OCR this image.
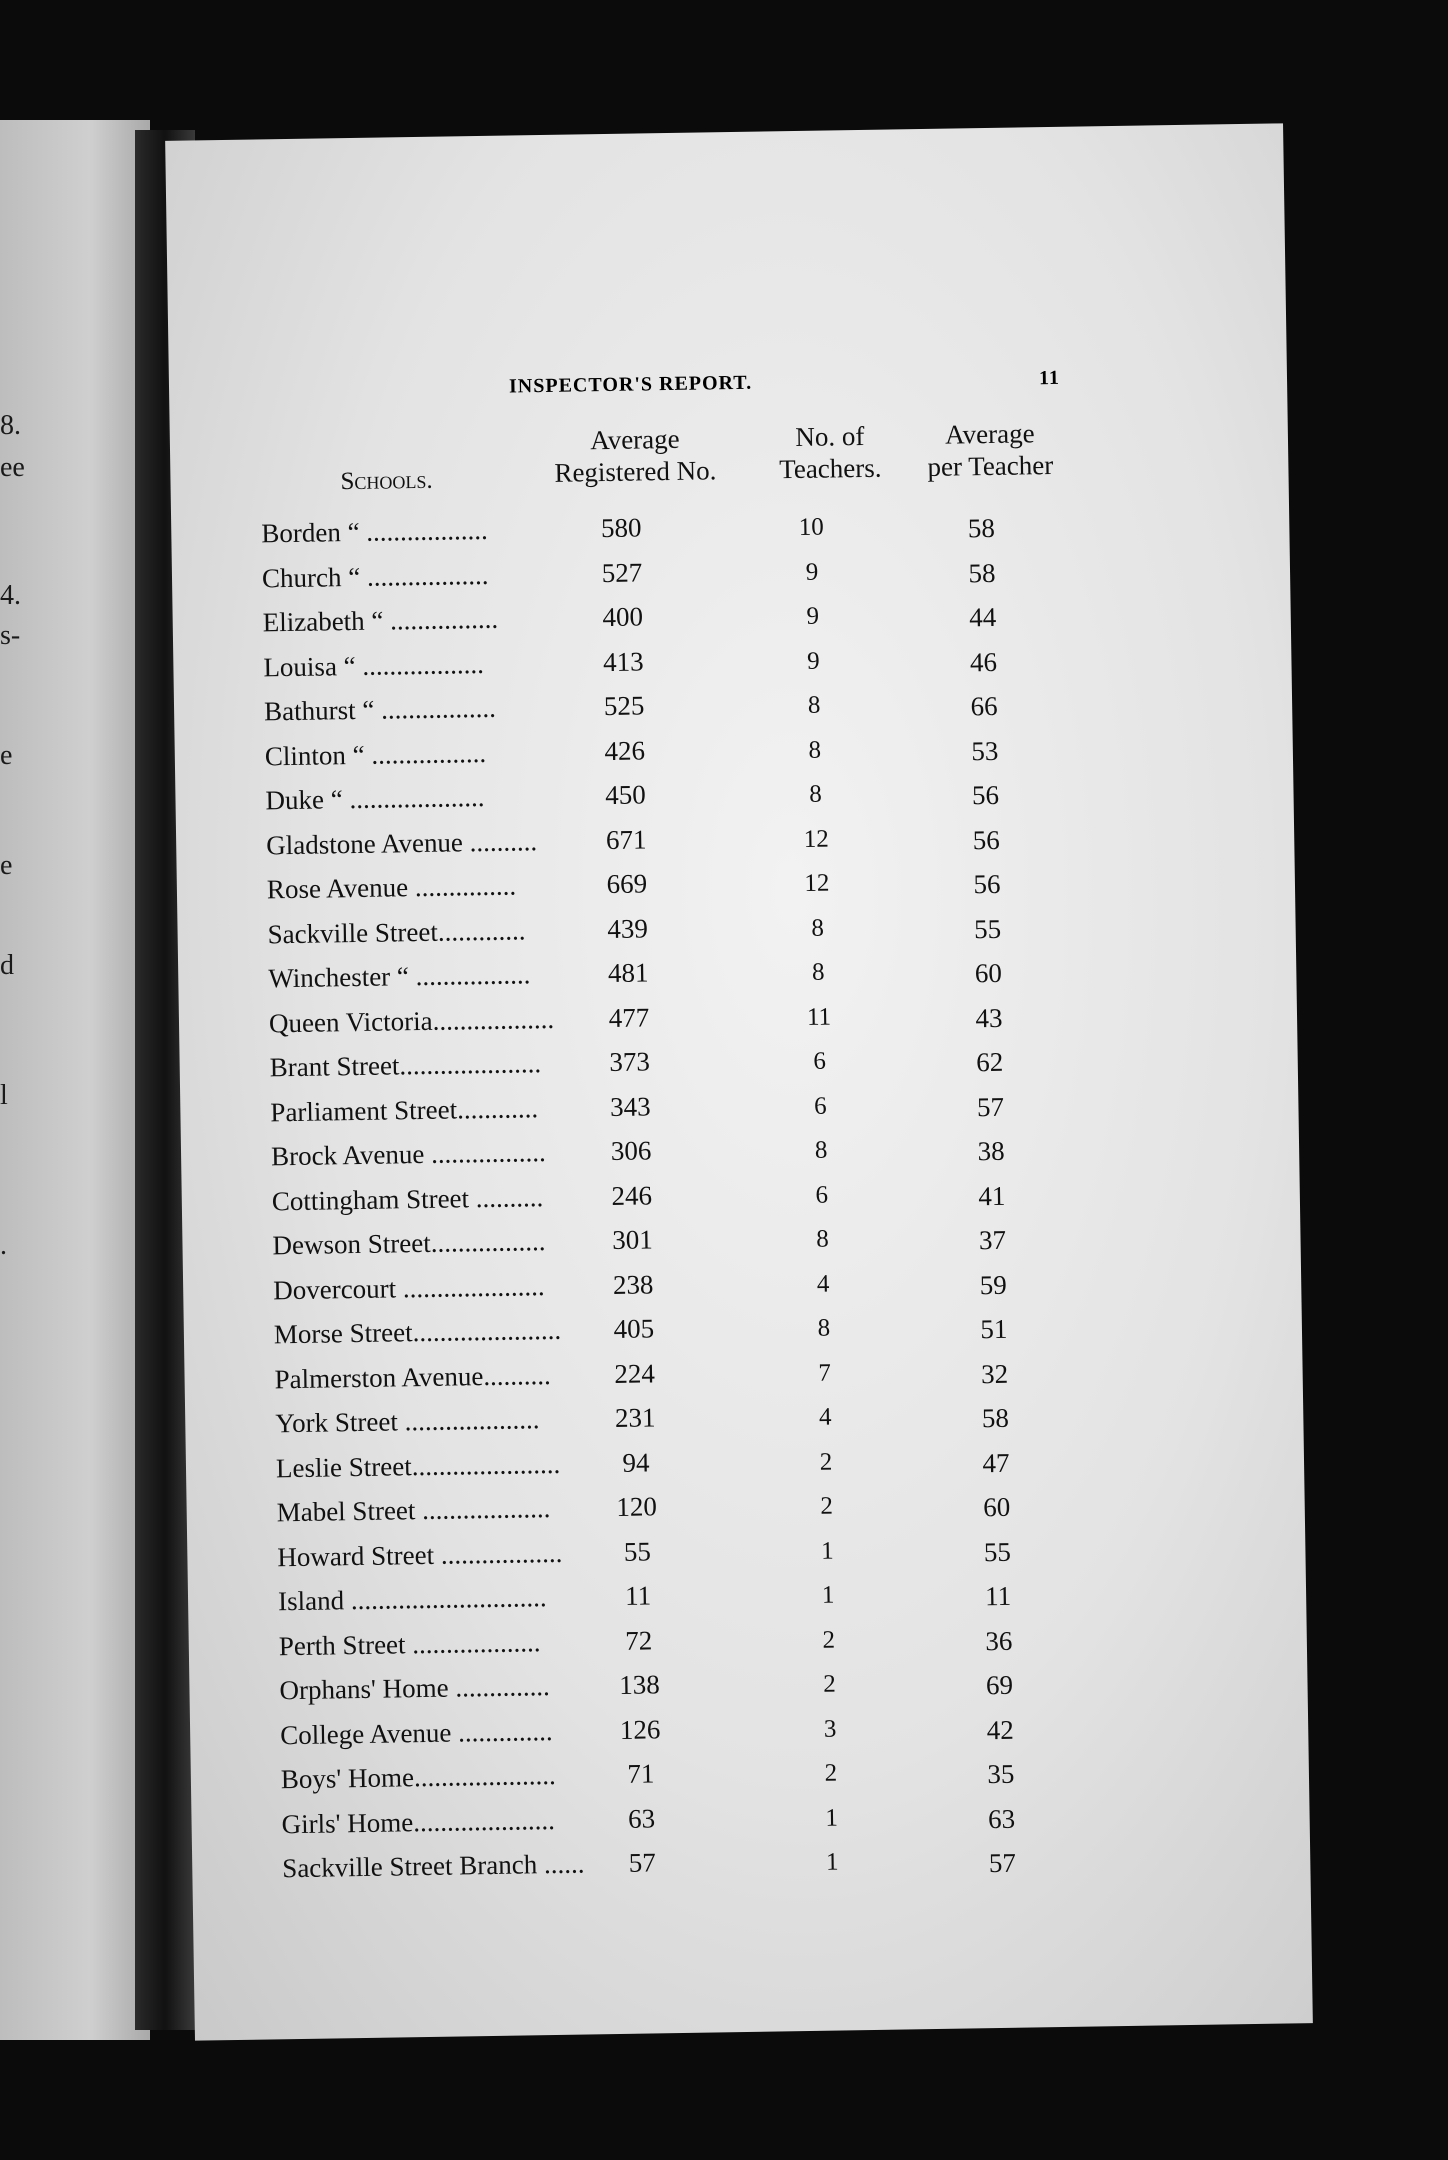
8.
ee
4.
s-
e
e
d
l
.
INSPECTOR'S REPORT.	11
Schools.
Average
Registered No.
No. of
Teachers.
Average
per Teacher
Borden “ ..................	580	10	58
Church “ ..................	527	9	58
Elizabeth “ ................	400	9	44
Louisa “ ..................	413	9	46
Bathurst “ .................	525	8	66
Clinton “ .................	426	8	53
Duke “ ....................	450	8	56
Gladstone Avenue ..........	671	12	56
Rose Avenue ...............	669	12	56
Sackville Street.............	439	8	55
Winchester “ .................	481	8	60
Queen Victoria..................	477	11	43
Brant Street.....................	373	6	62
Parliament Street............	343	6	57
Brock Avenue .................	306	8	38
Cottingham Street ..........	246	6	41
Dewson Street.................	301	8	37
Dovercourt .....................	238	4	59
Morse Street......................	405	8	51
Palmerston Avenue..........	224	7	32
York Street ....................	231	4	58
Leslie Street......................	94	2	47
Mabel Street ...................	120	2	60
Howard Street ..................	55	1	55
Island .............................	11	1	11
Perth Street ...................	72	2	36
Orphans' Home ..............	138	2	69
College Avenue ..............	126	3	42
Boys' Home.....................	71	2	35
Girls' Home.....................	63	1	63
Sackville Street Branch ......	57	1	57
